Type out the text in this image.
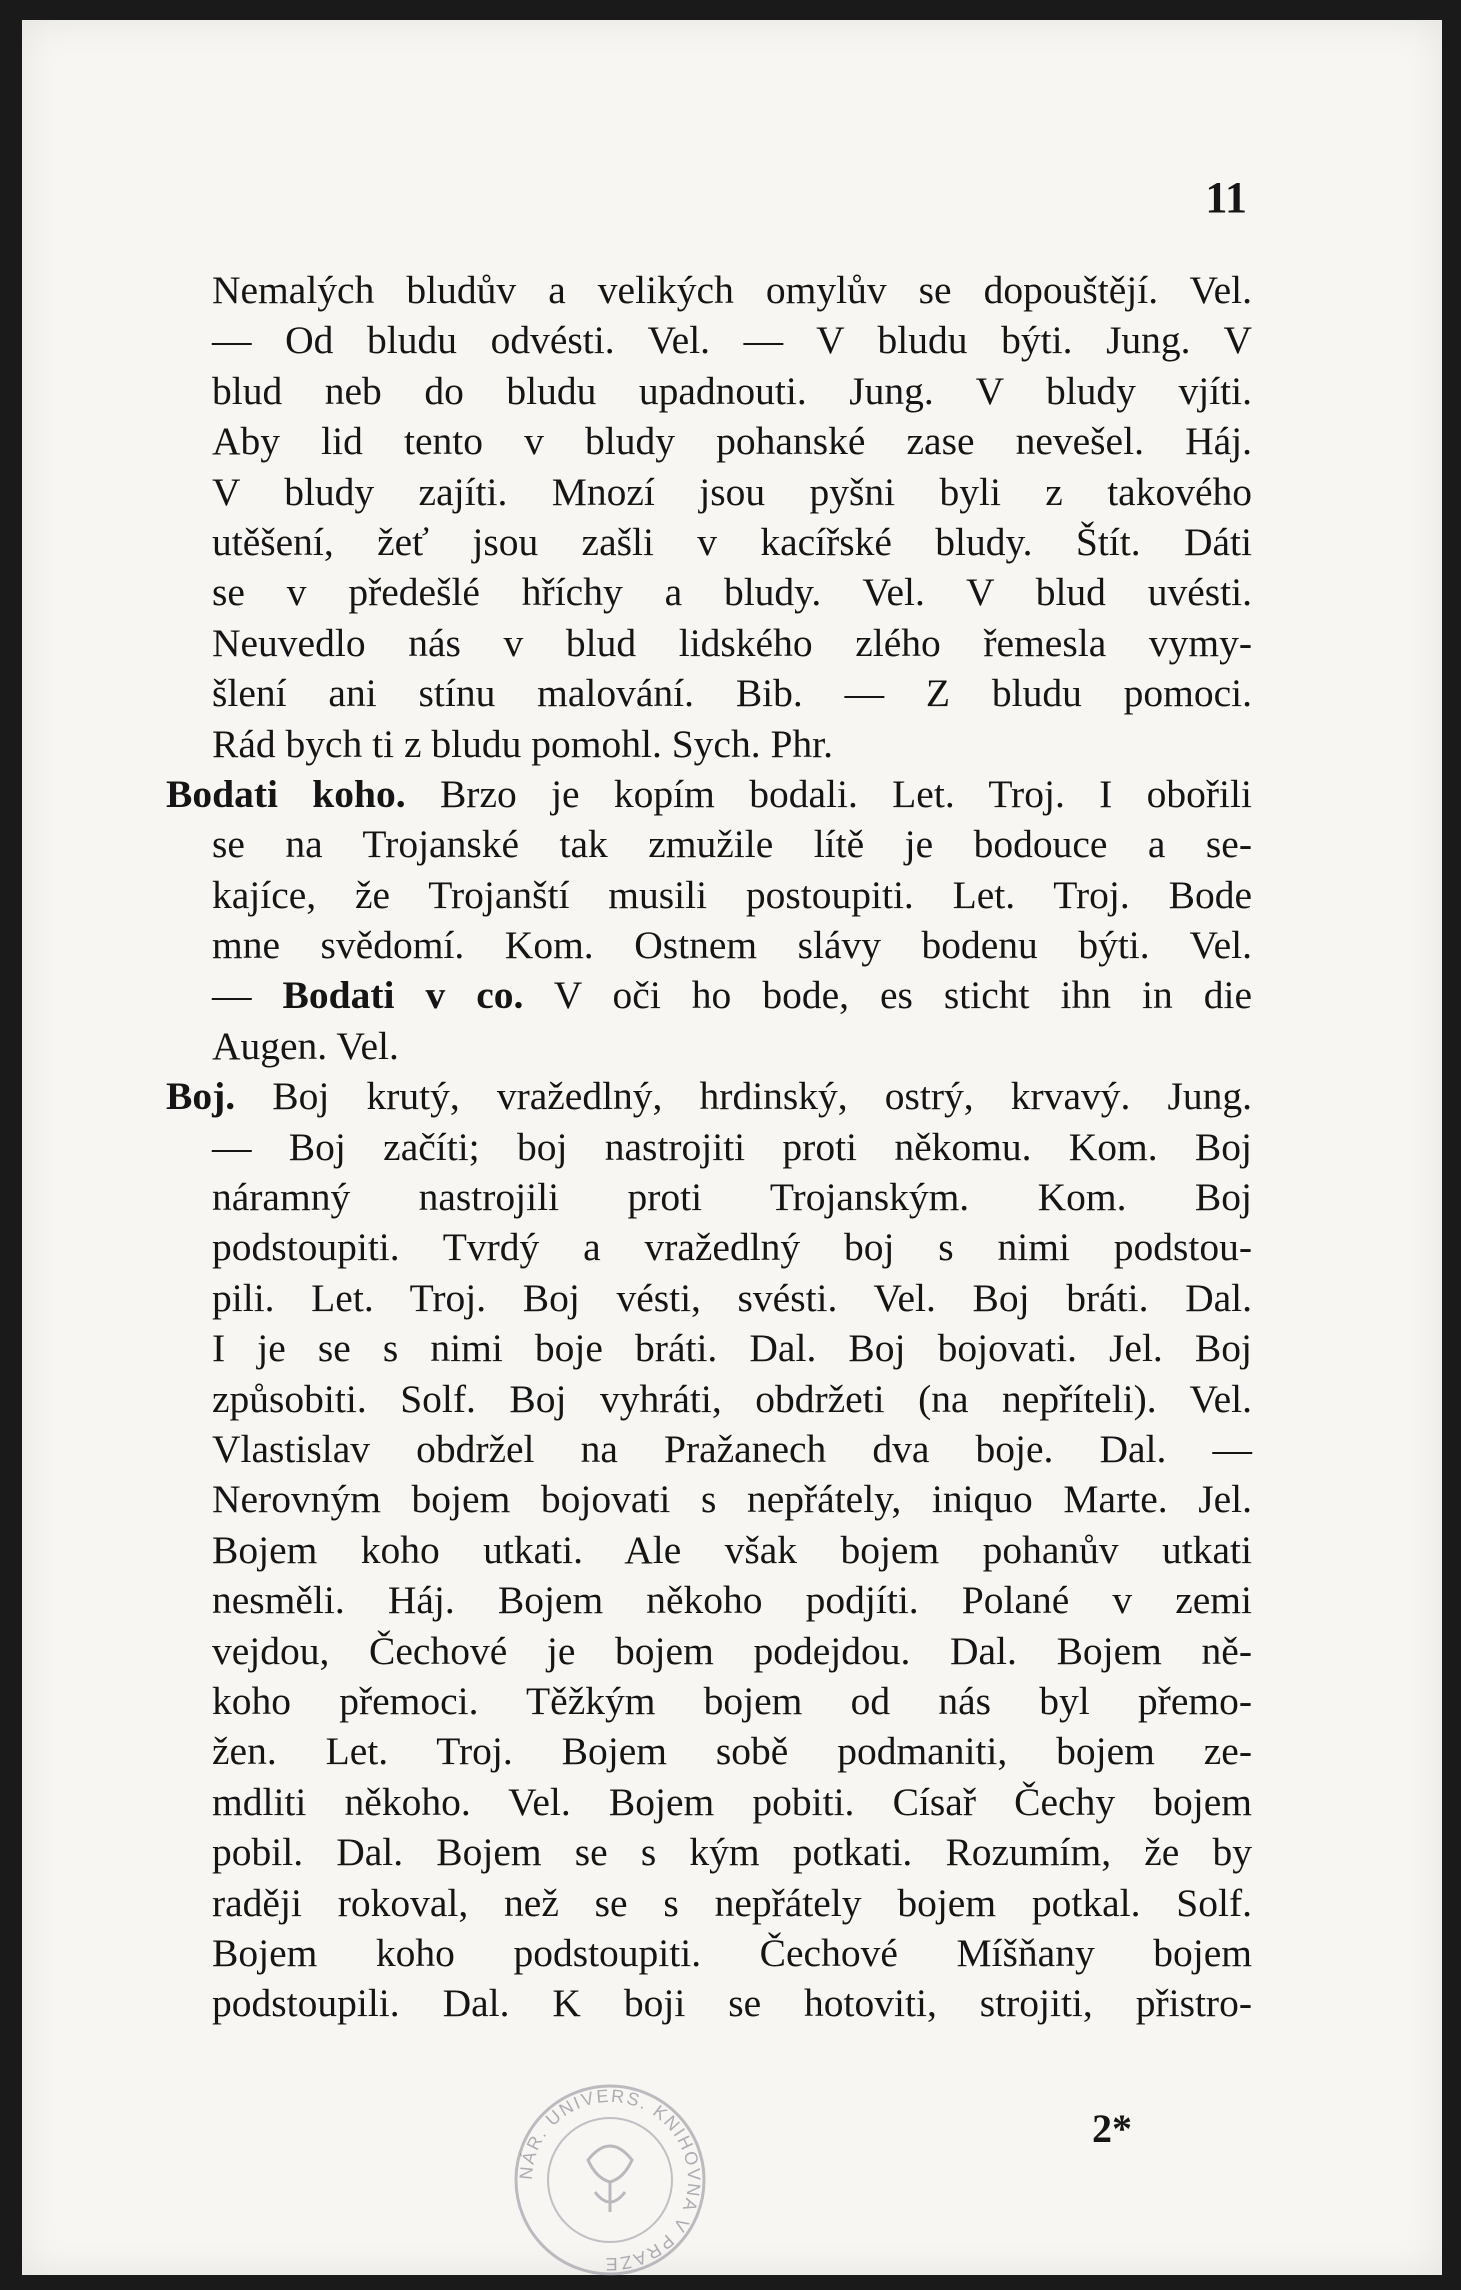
11
Nemalých bludův a velikých omylův se dopouštějí. Vel.
— Od bludu odvésti. Vel. — V bludu býti. Jung. V
blud neb do bludu upadnouti. Jung. V bludy vjíti.
Aby lid tento v bludy pohanské zase nevešel. Háj.
V bludy zajíti. Mnozí jsou pyšni byli z takového
utěšení, žeť jsou zašli v kacířské bludy. Štít. Dáti
se v předešlé hříchy a bludy. Vel. V blud uvésti.
Neuvedlo nás v blud lidského zlého řemesla vymy-
šlení ani stínu malování. Bib. — Z bludu pomoci.
Rád bych ti z bludu pomohl. Sych. Phr.
Bodati koho. Brzo je kopím bodali. Let. Troj. I obořili
se na Trojanské tak zmužile lítě je bodouce a se-
kajíce, že Trojanští musili postoupiti. Let. Troj. Bode
mne svědomí. Kom. Ostnem slávy bodenu býti. Vel.
— Bodati v co. V oči ho bode, es sticht ihn in die
Augen. Vel.
Boj. Boj krutý, vražedlný, hrdinský, ostrý, krvavý. Jung.
— Boj začíti; boj nastrojiti proti někomu. Kom. Boj
náramný nastrojili proti Trojanským. Kom. Boj
podstoupiti. Tvrdý a vražedlný boj s nimi podstou-
pili. Let. Troj. Boj vésti, svésti. Vel. Boj bráti. Dal.
I je se s nimi boje bráti. Dal. Boj bojovati. Jel. Boj
způsobiti. Solf. Boj vyhráti, obdržeti (na nepříteli). Vel.
Vlastislav obdržel na Pražanech dva boje. Dal. —
Nerovným bojem bojovati s nepřátely, iniquo Marte. Jel.
Bojem koho utkati. Ale však bojem pohanův utkati
nesměli. Háj. Bojem někoho podjíti. Polané v zemi
vejdou, Čechové je bojem podejdou. Dal. Bojem ně-
koho přemoci. Těžkým bojem od nás byl přemo-
žen. Let. Troj. Bojem sobě podmaniti, bojem ze-
mdliti někoho. Vel. Bojem pobiti. Císař Čechy bojem
pobil. Dal. Bojem se s kým potkati. Rozumím, že by
raději rokoval, než se s nepřátely bojem potkal. Solf.
Bojem koho podstoupiti. Čechové Míšňany bojem
podstoupili. Dal. K boji se hotoviti, strojiti, přistro-
NÁR. UNIVERS. KNIHOVNA V PRAZE
2*
